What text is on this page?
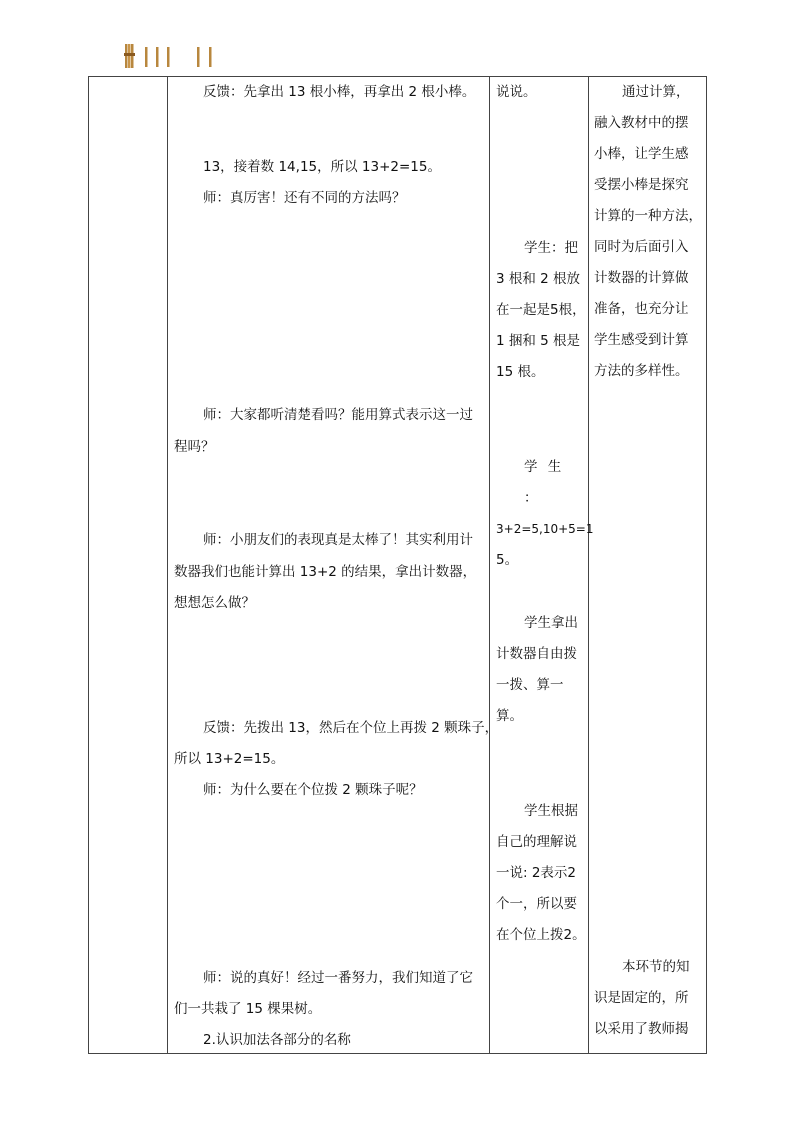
反馈：先拿出 13 根小棒，再拿出 2 根小棒。
13，接着数 14,15，所以 13+2=15。
师：真厉害！还有不同的方法吗？
师：大家都听清楚看吗？能用算式表示这一过
程吗？
师：小朋友们的表现真是太棒了！其实利用计
数器我们也能计算出 13+2 的结果，拿出计数器，
想想怎么做？
反馈：先拨出 13，然后在个位上再拨 2 颗珠子，
所以 13+2=15。
师：为什么要在个位拨 2 颗珠子呢？
师：说的真好！经过一番努力，我们知道了它
们一共栽了 15 棵果树。
2.认识加法各部分的名称
说说。
学生：把
3 根和 2 根放
在一起是5根，
1 捆和 5 根是
15 根。
学 生 ：
3+2=5,10+5=1
5。
学生拿出
计数器自由拨
一拨、算一算。
学生根据
自己的理解说
一说: 2表示2
个一，所以要
在个位上拨2。
通过计算，
融入教材中的摆
小棒，让学生感
受摆小棒是探究
计算的一种方法，
同时为后面引入
计数器的计算做
准备，也充分让
学生感受到计算
方法的多样性。
本环节的知
识是固定的，所
以采用了教师揭
